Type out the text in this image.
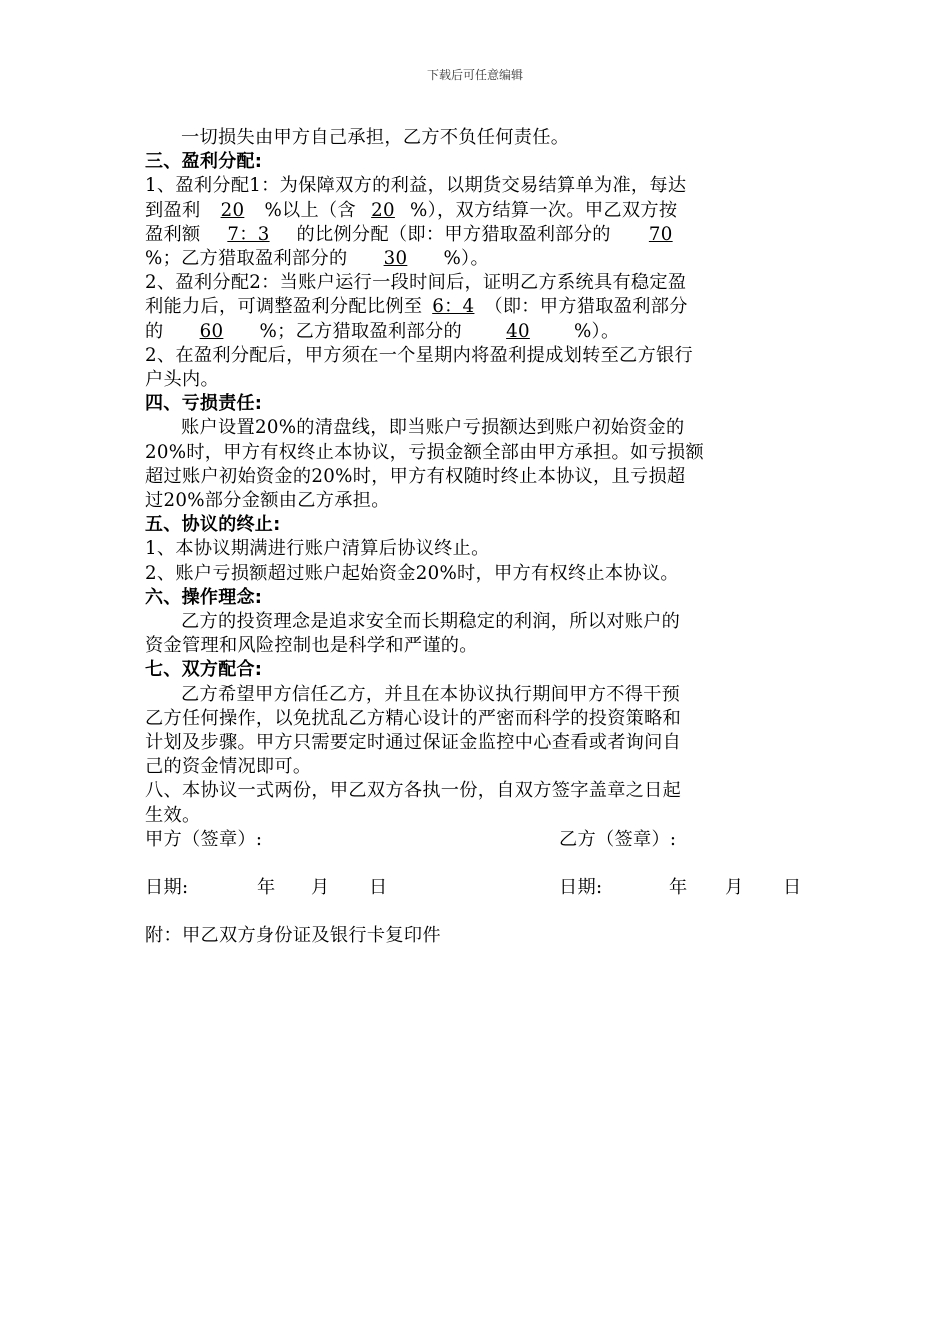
下载后可任意编辑

一切损失由甲方自己承担，乙方不负任何责任。

三、盈利分配:

1、盈利分配1：为保障双方的利益，以期货交易结算单为准，每达

到盈利 20 %以上（含 20 %），双方结算一次。甲乙双方按

盈利额 7：3 的比例分配（即：甲方猎取盈利部分的 70

%；乙方猎取盈利部分的 30 %）。

2、盈利分配2：当账户运行一段时间后，证明乙方系统具有稳定盈

利能力后，可调整盈利分配比例至 6：4 （即：甲方猎取盈利部分

的 60 %；乙方猎取盈利部分的 40 %）。

2、在盈利分配后，甲方须在一个星期内将盈利提成划转至乙方银行

户头内。

四、亏损责任:

账户设置20%的清盘线，即当账户亏损额达到账户初始资金的

20%时，甲方有权终止本协议，亏损金额全部由甲方承担。如亏损额

超过账户初始资金的20%时，甲方有权随时终止本协议，且亏损超

过20%部分金额由乙方承担。

五、协议的终止:

1、本协议期满进行账户清算后协议终止。

2、账户亏损额超过账户起始资金20%时，甲方有权终止本协议。

六、操作理念:

乙方的投资理念是追求安全而长期稳定的利润，所以对账户的

资金管理和风险控制也是科学和严谨的。

七、双方配合:

乙方希望甲方信任乙方，并且在本协议执行期间甲方不得干预

乙方任何操作，以免扰乱乙方精心设计的严密而科学的投资策略和

计划及步骤。甲方只需要定时通过保证金监控中心查看或者询问自

己的资金情况即可。

八、本协议一式两份，甲乙双方各执一份，自双方签字盖章之日起

生效。

甲方（签章）:	乙方（签章）:
日期:	年 月 日	日期:	年 月 日

附：甲乙双方身份证及银行卡复印件
